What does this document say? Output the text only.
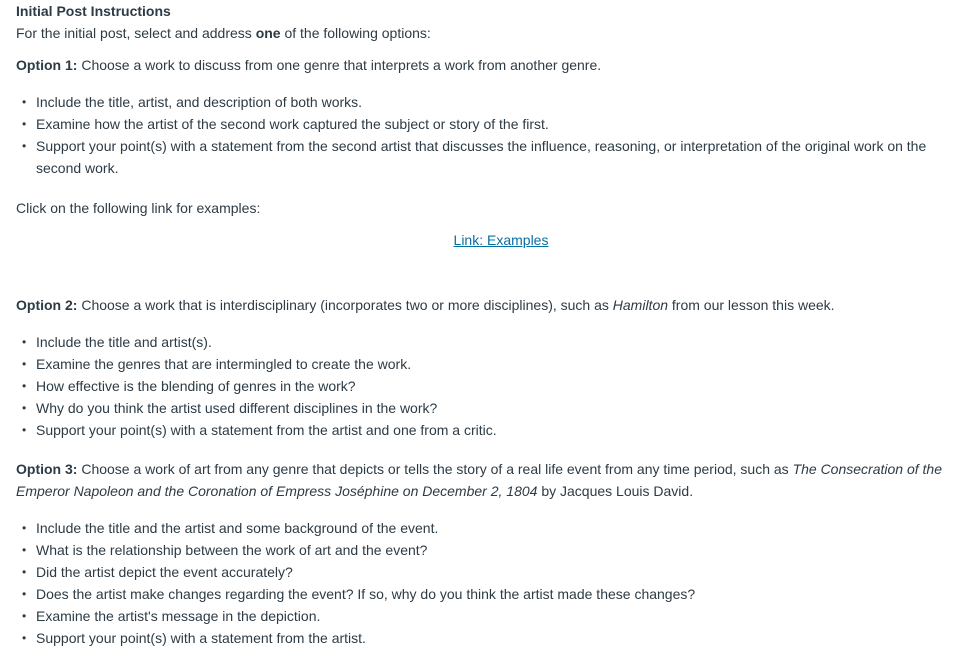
Initial Post Instructions

For the initial post, select and address one of the following options:

Option 1: Choose a work to discuss from one genre that interprets a work from another genre.

• Include the title, artist, and description of both works.
• Examine how the artist of the second work captured the subject or story of the first.
• Support your point(s) with a statement from the second artist that discusses the influence, reasoning, or interpretation of the original work on the second work.

Click on the following link for examples:

Link: Examples

Option 2: Choose a work that is interdisciplinary (incorporates two or more disciplines), such as Hamilton from our lesson this week.

• Include the title and artist(s).
• Examine the genres that are intermingled to create the work.
• How effective is the blending of genres in the work?
• Why do you think the artist used different disciplines in the work?
• Support your point(s) with a statement from the artist and one from a critic.

Option 3: Choose a work of art from any genre that depicts or tells the story of a real life event from any time period, such as The Consecration of the Emperor Napoleon and the Coronation of Empress Joséphine on December 2, 1804 by Jacques Louis David.

• Include the title and the artist and some background of the event.
• What is the relationship between the work of art and the event?
• Did the artist depict the event accurately?
• Does the artist make changes regarding the event? If so, why do you think the artist made these changes?
• Examine the artist's message in the depiction.
• Support your point(s) with a statement from the artist.
